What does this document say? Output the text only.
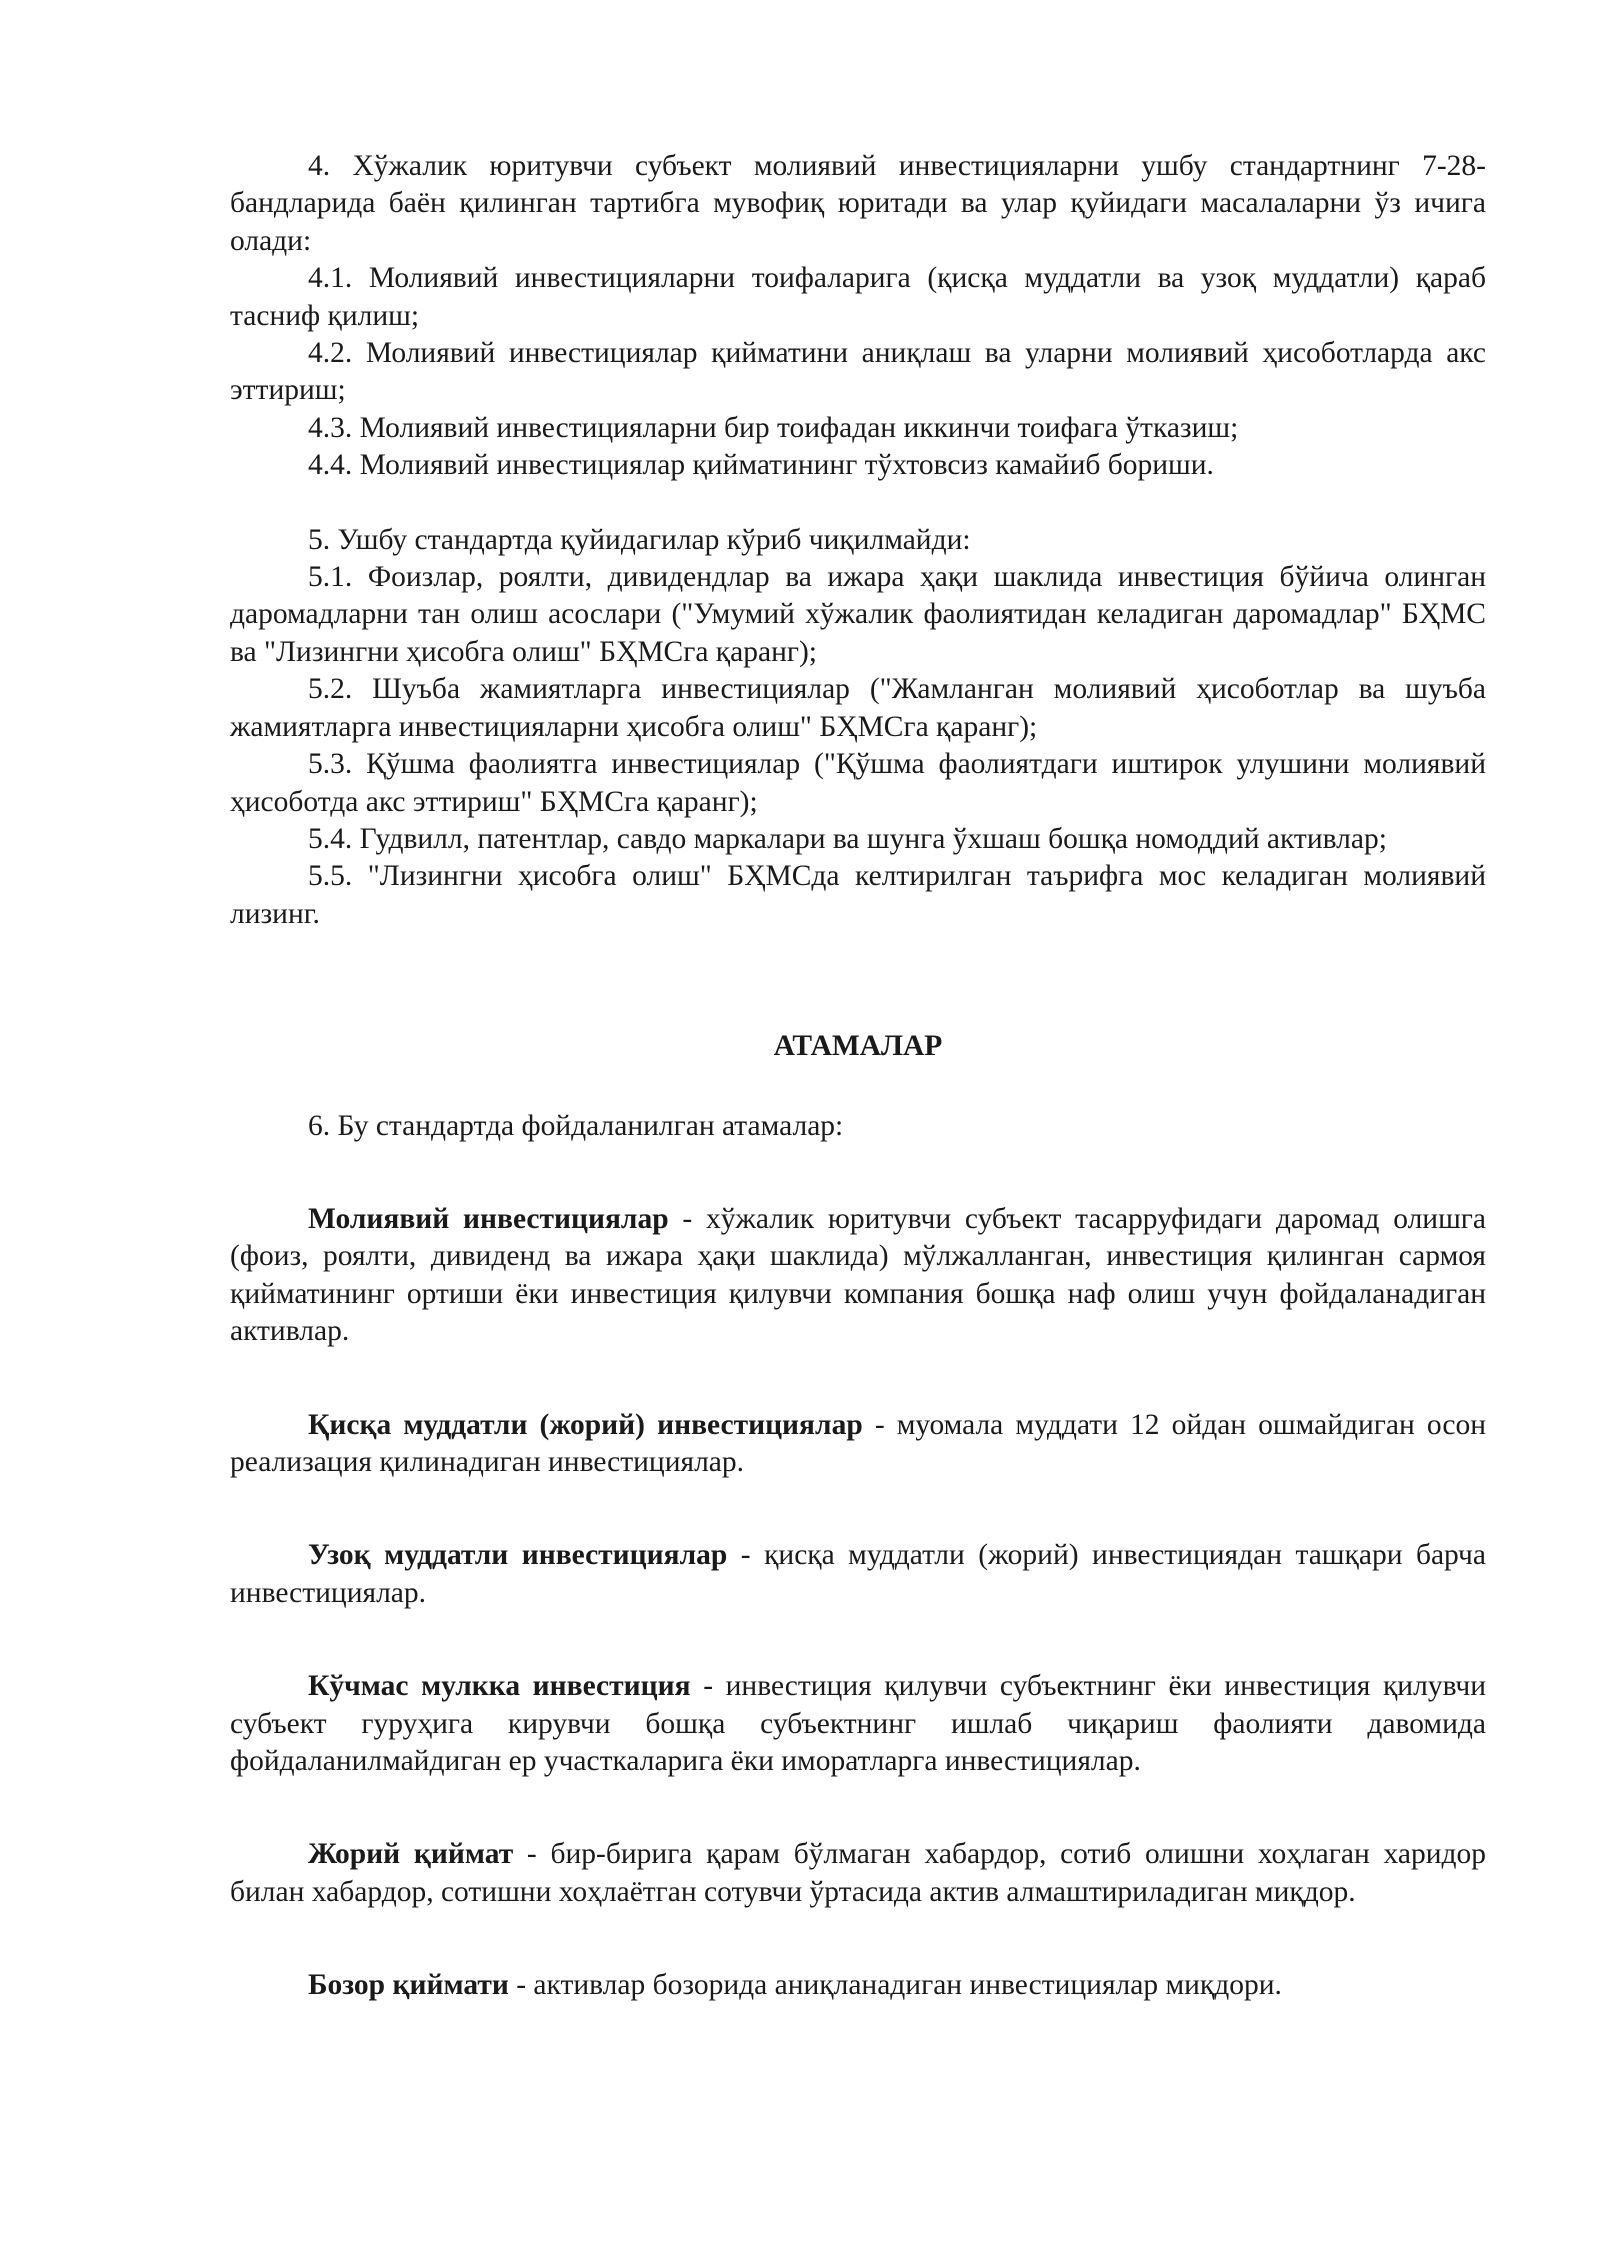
4. Хўжалик юритувчи субъект молиявий инвестицияларни ушбу стандартнинг 7-28-бандларида баён қилинган тартибга мувофиқ юритади ва улар қуйидаги масалаларни ўз ичига олади:

4.1. Молиявий инвестицияларни тоифаларига (қисқа муддатли ва узоқ муддатли) қараб тасниф қилиш;

4.2. Молиявий инвестициялар қийматини аниқлаш ва уларни молиявий ҳисоботларда акс эттириш;

4.3. Молиявий инвестицияларни бир тоифадан иккинчи тоифага ўтказиш;

4.4. Молиявий инвестициялар қийматининг тўхтовсиз камайиб бориши.

5. Ушбу стандартда қуйидагилар кўриб чиқилмайди:

5.1. Фоизлар, роялти, дивидендлар ва ижара ҳақи шаклида инвестиция бўйича олинган даромадларни тан олиш асослари ("Умумий хўжалик фаолиятидан келадиган даромадлар" БҲМС ва "Лизингни ҳисобга олиш" БҲМСга қаранг);

5.2. Шуъба жамиятларга инвестициялар ("Жамланган молиявий ҳисоботлар ва шуъба жамиятларга инвестицияларни ҳисобга олиш" БҲМСга қаранг);

5.3. Қўшма фаолиятга инвестициялар ("Қўшма фаолиятдаги иштирок улушини молиявий ҳисоботда акс эттириш" БҲМСга қаранг);

5.4. Гудвилл, патентлар, савдо маркалари ва шунга ўхшаш бошқа номоддий активлар;

5.5. "Лизингни ҳисобга олиш" БҲМСда келтирилган таърифга мос келадиган молиявий лизинг.

АТАМАЛАР

6. Бу стандартда фойдаланилган атамалар:

Молиявий инвестициялар - хўжалик юритувчи субъект тасарруфидаги даромад олишга (фоиз, роялти, дивиденд ва ижара ҳақи шаклида) мўлжалланган, инвестиция қилинган сармоя қийматининг ортиши ёки инвестиция қилувчи компания бошқа наф олиш учун фойдаланадиган активлар.

Қисқа муддатли (жорий) инвестициялар - муомала муддати 12 ойдан ошмайдиган осон реализация қилинадиган инвестициялар.

Узоқ муддатли инвестициялар - қисқа муддатли (жорий) инвестициядан ташқари барча инвестициялар.

Кўчмас мулкка инвестиция - инвестиция қилувчи субъектнинг ёки инвестиция қилувчи субъект гуруҳига кирувчи бошқа субъектнинг ишлаб чиқариш фаолияти давомида фойдаланилмайдиган ер участкаларига ёки иморатларга инвестициялар.

Жорий қиймат - бир-бирига қарам бўлмаган хабардор, сотиб олишни хоҳлаган харидор билан хабардор, сотишни хоҳлаётган сотувчи ўртасида актив алмаштириладиган миқдор.

Бозор қиймати - активлар бозорида аниқланадиган инвестициялар миқдори.
